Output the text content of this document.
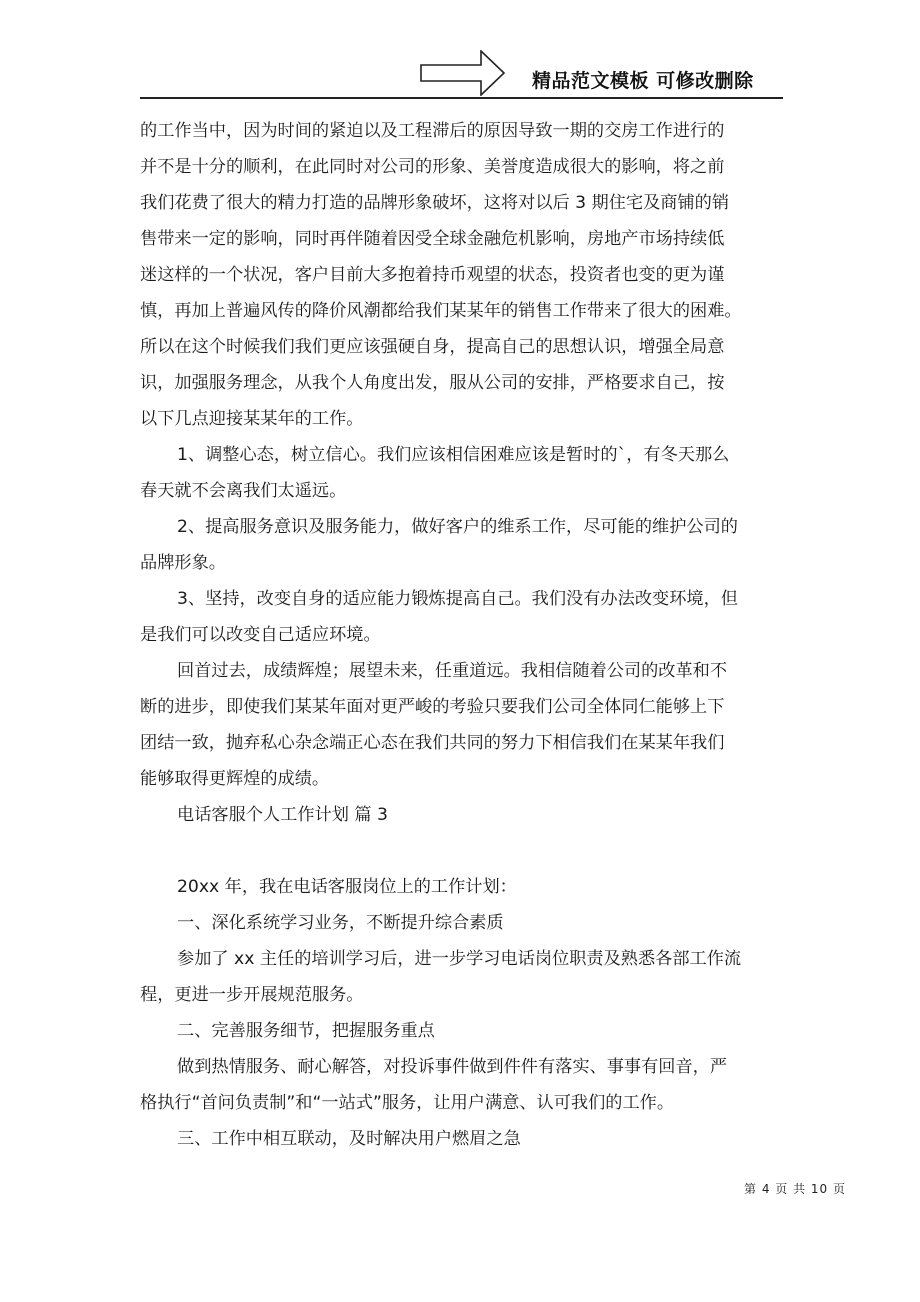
精品范文模板 可修改删除
的工作当中，因为时间的紧迫以及工程滞后的原因导致一期的交房工作进行的
并不是十分的顺利，在此同时对公司的形象、美誉度造成很大的影响，将之前
我们花费了很大的精力打造的品牌形象破坏，这将对以后 3 期住宅及商铺的销
售带来一定的影响，同时再伴随着因受全球金融危机影响，房地产市场持续低
迷这样的一个状况，客户目前大多抱着持币观望的状态，投资者也变的更为谨
慎，再加上普遍风传的降价风潮都给我们某某年的销售工作带来了很大的困难。
所以在这个时候我们我们更应该强硬自身，提高自己的思想认识，增强全局意
识，加强服务理念，从我个人角度出发，服从公司的安排，严格要求自己，按
以下几点迎接某某年的工作。
1、调整心态，树立信心。我们应该相信困难应该是暂时的`，有冬天那么
春天就不会离我们太遥远。
2、提高服务意识及服务能力，做好客户的维系工作，尽可能的维护公司的
品牌形象。
3、坚持，改变自身的适应能力锻炼提高自己。我们没有办法改变环境，但
是我们可以改变自己适应环境。
回首过去，成绩辉煌；展望未来，任重道远。我相信随着公司的改革和不
断的进步，即使我们某某年面对更严峻的考验只要我们公司全体同仁能够上下
团结一致，抛弃私心杂念端正心态在我们共同的努力下相信我们在某某年我们
能够取得更辉煌的成绩。
电话客服个人工作计划 篇 3
20xx 年，我在电话客服岗位上的工作计划：
一、深化系统学习业务，不断提升综合素质
参加了 xx 主任的培训学习后，进一步学习电话岗位职责及熟悉各部工作流
程，更进一步开展规范服务。
二、完善服务细节，把握服务重点
做到热情服务、耐心解答，对投诉事件做到件件有落实、事事有回音，严
格执行“首问负责制”和“一站式”服务，让用户满意、认可我们的工作。
三、工作中相互联动，及时解决用户燃眉之急
第 4 页 共 10 页
